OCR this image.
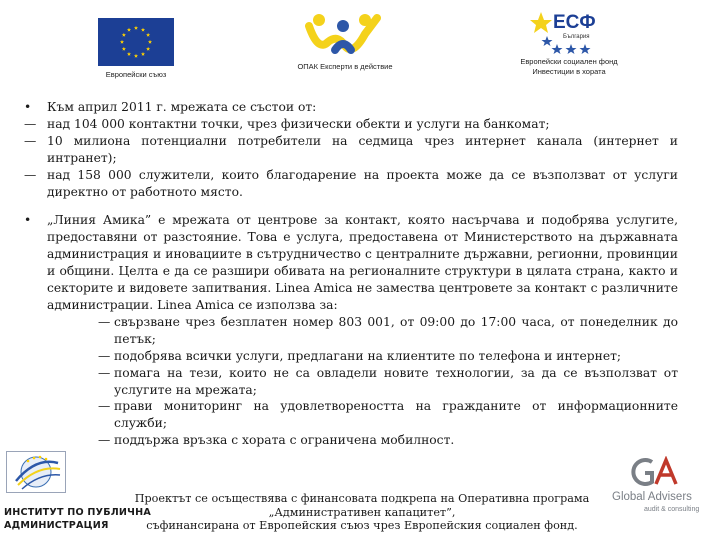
Европейски съюз
ОПАК Експерти в действие
ЕСФ
България
Европейски социален фонд
Инвестиции в хората
•	Към април 2011 г. мрежата се състои от:
— над 104 000 контактни точки, чрез физически обекти и услуги на банкомат;
— 10 милиона потенциални потребители на седмица чрез интернет канала (интернет и интранет);
— над 158 000 служители, които благодарение на проекта може да се възползват от услуги директно от работното място.
•	„Линия Амика” е мрежата от центрове за контакт, която насърчава и подобрява услугите, предоставяни от разстояние. Това е услуга, предоставена от Министерството на държавната администрация и иновациите в сътрудничество с централните държавни, регионни, провинции и общини. Целта е да се разшири обивата на регионалните структури в цялата страна, както и секторите и видовете запитвания. Linea Amica не замества центровете за контакт с различните администрации. Linea Amica се използва за:
— свързване чрез безплатен номер 803 001, от 09:00 до 17:00 часа, от понеделник до петък;
— подобрява всички услуги, предлагани на клиентите по телефона и интернет;
— помага на тези, които не са овладели новите технологии, за да се възползват от услугите на мрежата;
— прави мониторинг на удовлетвореността на гражданите от информационните служби;
— поддържа връзка с хората с ограничена мобилност.
ИНСТИТУТ ПО ПУБЛИЧНА
АДМИНИСТРАЦИЯ
Проектът се осъществява с финансовата подкрепа на Оперативна програма
„Административен капацитет”,
съфинансирана от Европейския съюз чрез Европейския социален фонд.
Global Advisers
audit & consulting
